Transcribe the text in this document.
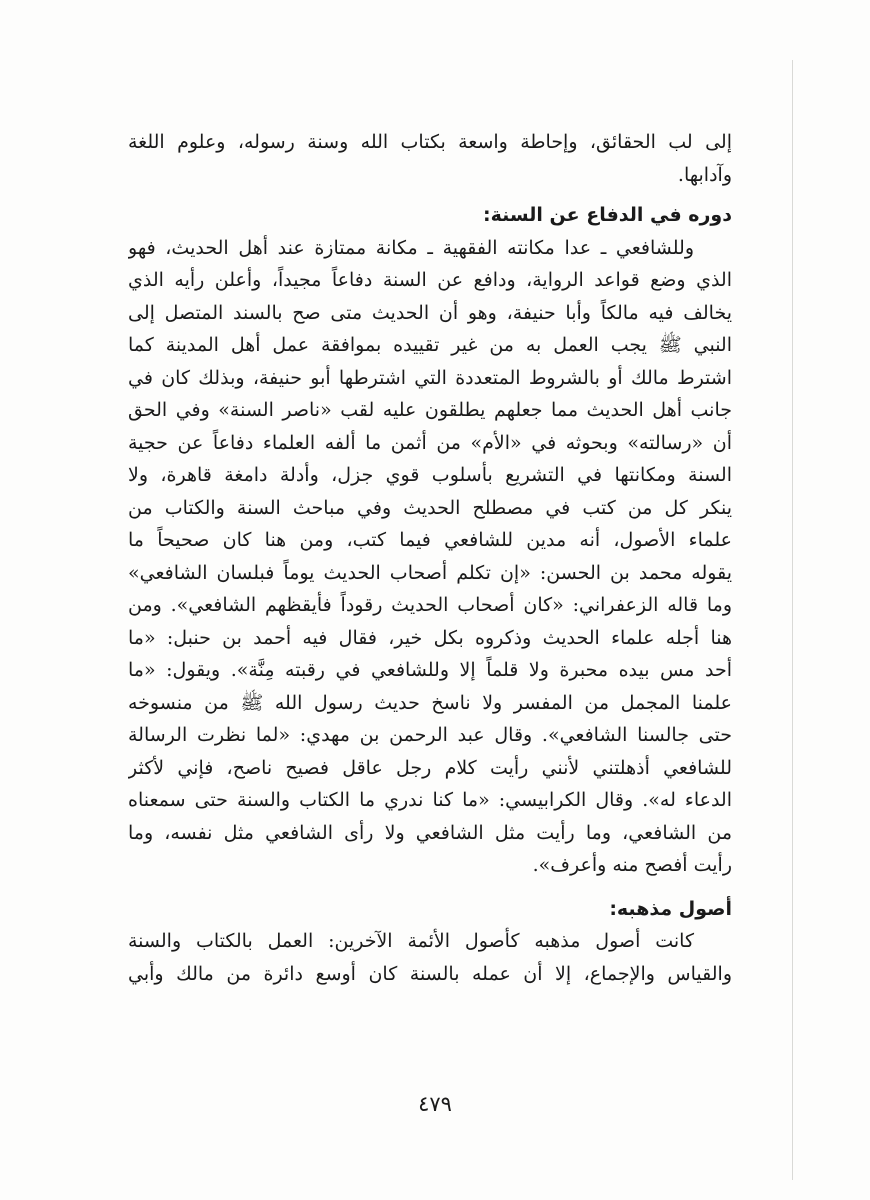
إلى لب الحقائق، وإحاطة واسعة بكتاب الله وسنة رسوله، وعلوم اللغة

وآدابها.

دوره في الدفاع عن السنة:

وللشافعي ـ عدا مكانته الفقهية ـ مكانة ممتازة عند أهل الحديث، فهو

الذي وضع قواعد الرواية، ودافع عن السنة دفاعاً مجيداً، وأعلن رأيه الذي

يخالف فيه مالكاً وأبا حنيفة، وهو أن الحديث متى صح بالسند المتصل إلى

النبي ﷺ يجب العمل به من غير تقييده بموافقة عمل أهل المدينة كما

اشترط مالك أو بالشروط المتعددة التي اشترطها أبو حنيفة، وبذلك كان في

جانب أهل الحديث مما جعلهم يطلقون عليه لقب «ناصر السنة» وفي الحق

أن «رسالته» وبحوثه في «الأم» من أثمن ما ألفه العلماء دفاعاً عن حجية

السنة ومكانتها في التشريع بأسلوب قوي جزل، وأدلة دامغة قاهرة، ولا

ينكر كل من كتب في مصطلح الحديث وفي مباحث السنة والكتاب من

علماء الأصول، أنه مدين للشافعي فيما كتب، ومن هنا كان صحيحاً ما

يقوله محمد بن الحسن: «إن تكلم أصحاب الحديث يوماً فبلسان الشافعي»

وما قاله الزعفراني: «كان أصحاب الحديث رقوداً فأيقظهم الشافعي». ومن

هنا أجله علماء الحديث وذكروه بكل خير، فقال فيه أحمد بن حنبل: «ما

أحد مس بيده محبرة ولا قلماً إلا وللشافعي في رقبته مِنَّة». ويقول: «ما

علمنا المجمل من المفسر ولا ناسخ حديث رسول الله ﷺ من منسوخه

حتى جالسنا الشافعي». وقال عبد الرحمن بن مهدي: «لما نظرت الرسالة

للشافعي أذهلتني لأنني رأيت كلام رجل عاقل فصيح ناصح، فإني لأكثر

الدعاء له». وقال الكرابيسي: «ما كنا ندري ما الكتاب والسنة حتى سمعناه

من الشافعي، وما رأيت مثل الشافعي ولا رأى الشافعي مثل نفسه، وما

رأيت أفصح منه وأعرف».

أصول مذهبه:

كانت أصول مذهبه كأصول الأئمة الآخرين: العمل بالكتاب والسنة

والقياس والإجماع، إلا أن عمله بالسنة كان أوسع دائرة من مالك وأبي

٤٧٩
